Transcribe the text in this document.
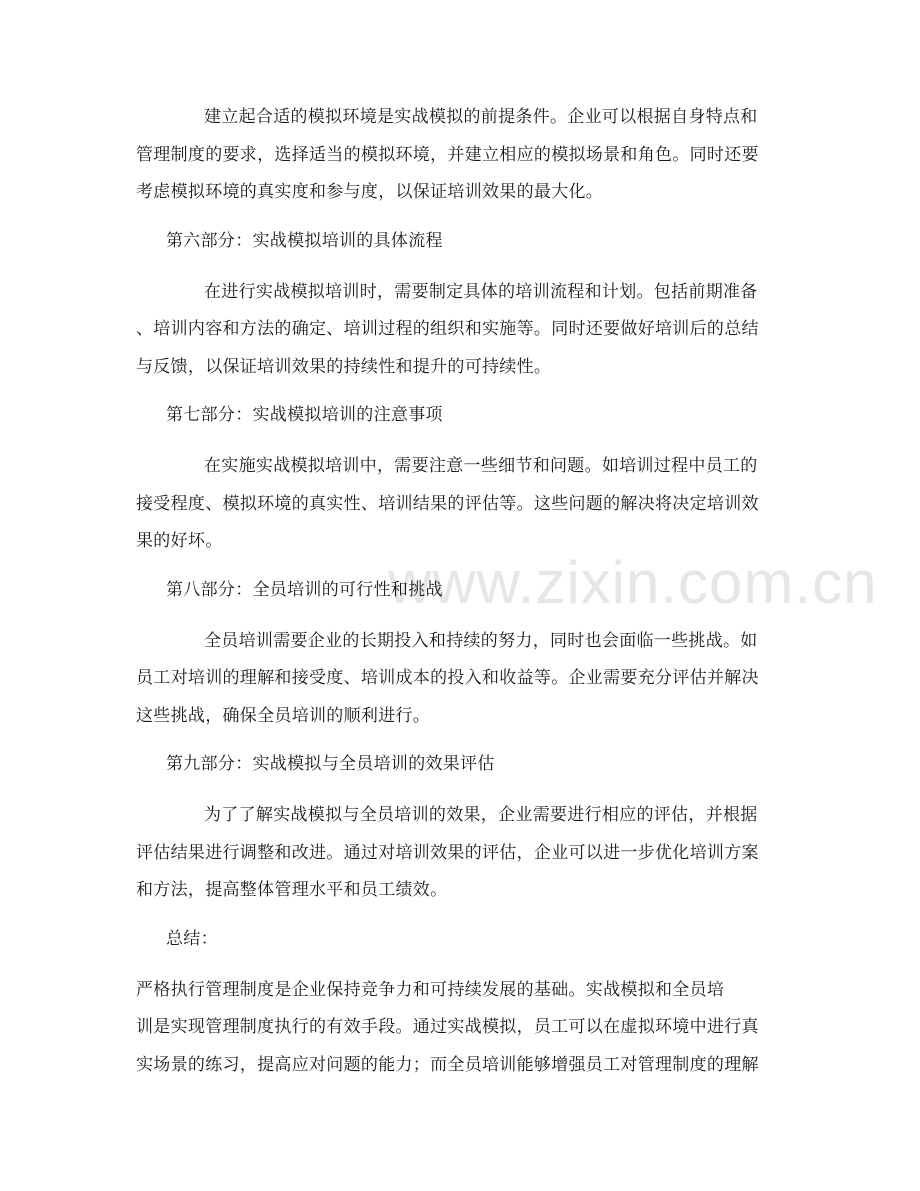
www.zixin.com.cn
建立起合适的模拟环境是实战模拟的前提条件。企业可以根据自身特点和
管理制度的要求，选择适当的模拟环境，并建立相应的模拟场景和角色。同时还要
考虑模拟环境的真实度和参与度，以保证培训效果的最大化。
第六部分：实战模拟培训的具体流程
在进行实战模拟培训时，需要制定具体的培训流程和计划。包括前期准备
、培训内容和方法的确定、培训过程的组织和实施等。同时还要做好培训后的总结
与反馈，以保证培训效果的持续性和提升的可持续性。
第七部分：实战模拟培训的注意事项
在实施实战模拟培训中，需要注意一些细节和问题。如培训过程中员工的
接受程度、模拟环境的真实性、培训结果的评估等。这些问题的解决将决定培训效
果的好坏。
第八部分：全员培训的可行性和挑战
全员培训需要企业的长期投入和持续的努力，同时也会面临一些挑战。如
员工对培训的理解和接受度、培训成本的投入和收益等。企业需要充分评估并解决
这些挑战，确保全员培训的顺利进行。
第九部分：实战模拟与全员培训的效果评估
为了了解实战模拟与全员培训的效果，企业需要进行相应的评估，并根据
评估结果进行调整和改进。通过对培训效果的评估，企业可以进一步优化培训方案
和方法，提高整体管理水平和员工绩效。
总结：
严格执行管理制度是企业保持竞争力和可持续发展的基础。实战模拟和全员培
训是实现管理制度执行的有效手段。通过实战模拟，员工可以在虚拟环境中进行真
实场景的练习，提高应对问题的能力；而全员培训能够增强员工对管理制度的理解
